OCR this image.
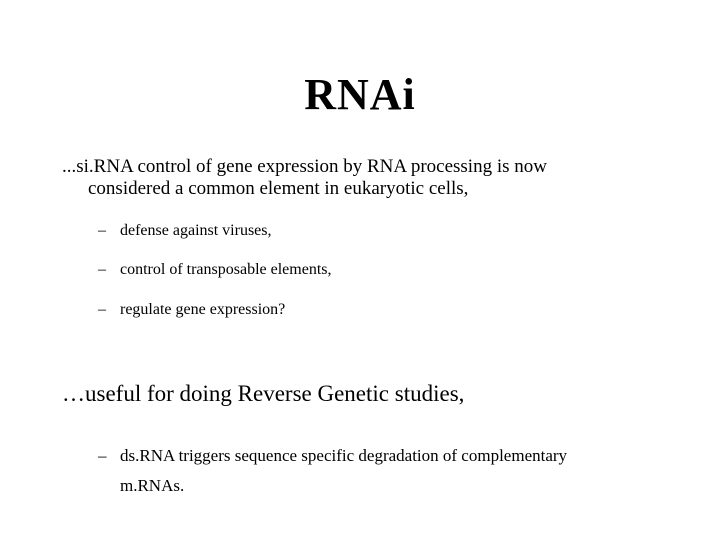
RNAi
...si.RNA control of gene expression by RNA processing is now
considered a common element in eukaryotic cells,
– defense against viruses,
– control of transposable elements,
– regulate gene expression?
…useful for doing Reverse Genetic studies,
– ds.RNA triggers sequence specific degradation of complementary
m.RNAs.
